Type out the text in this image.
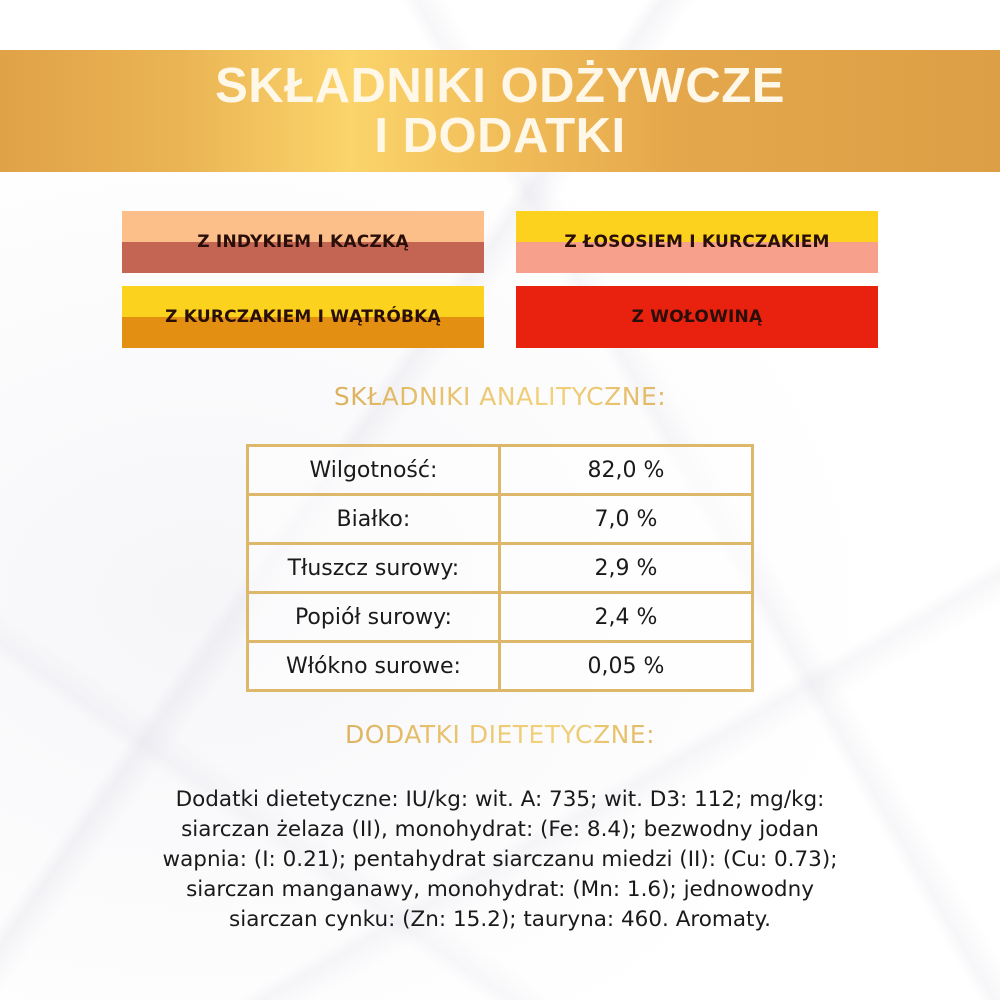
SKŁADNIKI ODŻYWCZE
I DODATKI
Z INDYKIEM I KACZKĄ	Z ŁOSOSIEM I KURCZAKIEM
Z KURCZAKIEM I WĄTRÓBKĄ	Z WOŁOWINĄ
SKŁADNIKI ANALITYCZNE:
Wilgotność:	82,0 %
Białko:	7,0 %
Tłuszcz surowy:	2,9 %
Popiół surowy:	2,4 %
Włókno surowe:	0,05 %
DODATKI DIETETYCZNE:
Dodatki dietetyczne: IU/kg: wit. A: 735; wit. D3: 112; mg/kg:
siarczan żelaza (II), monohydrat: (Fe: 8.4); bezwodny jodan
wapnia: (I: 0.21); pentahydrat siarczanu miedzi (II): (Cu: 0.73);
siarczan manganawy, monohydrat: (Mn: 1.6); jednowodny
siarczan cynku: (Zn: 15.2); tauryna: 460. Aromaty.
